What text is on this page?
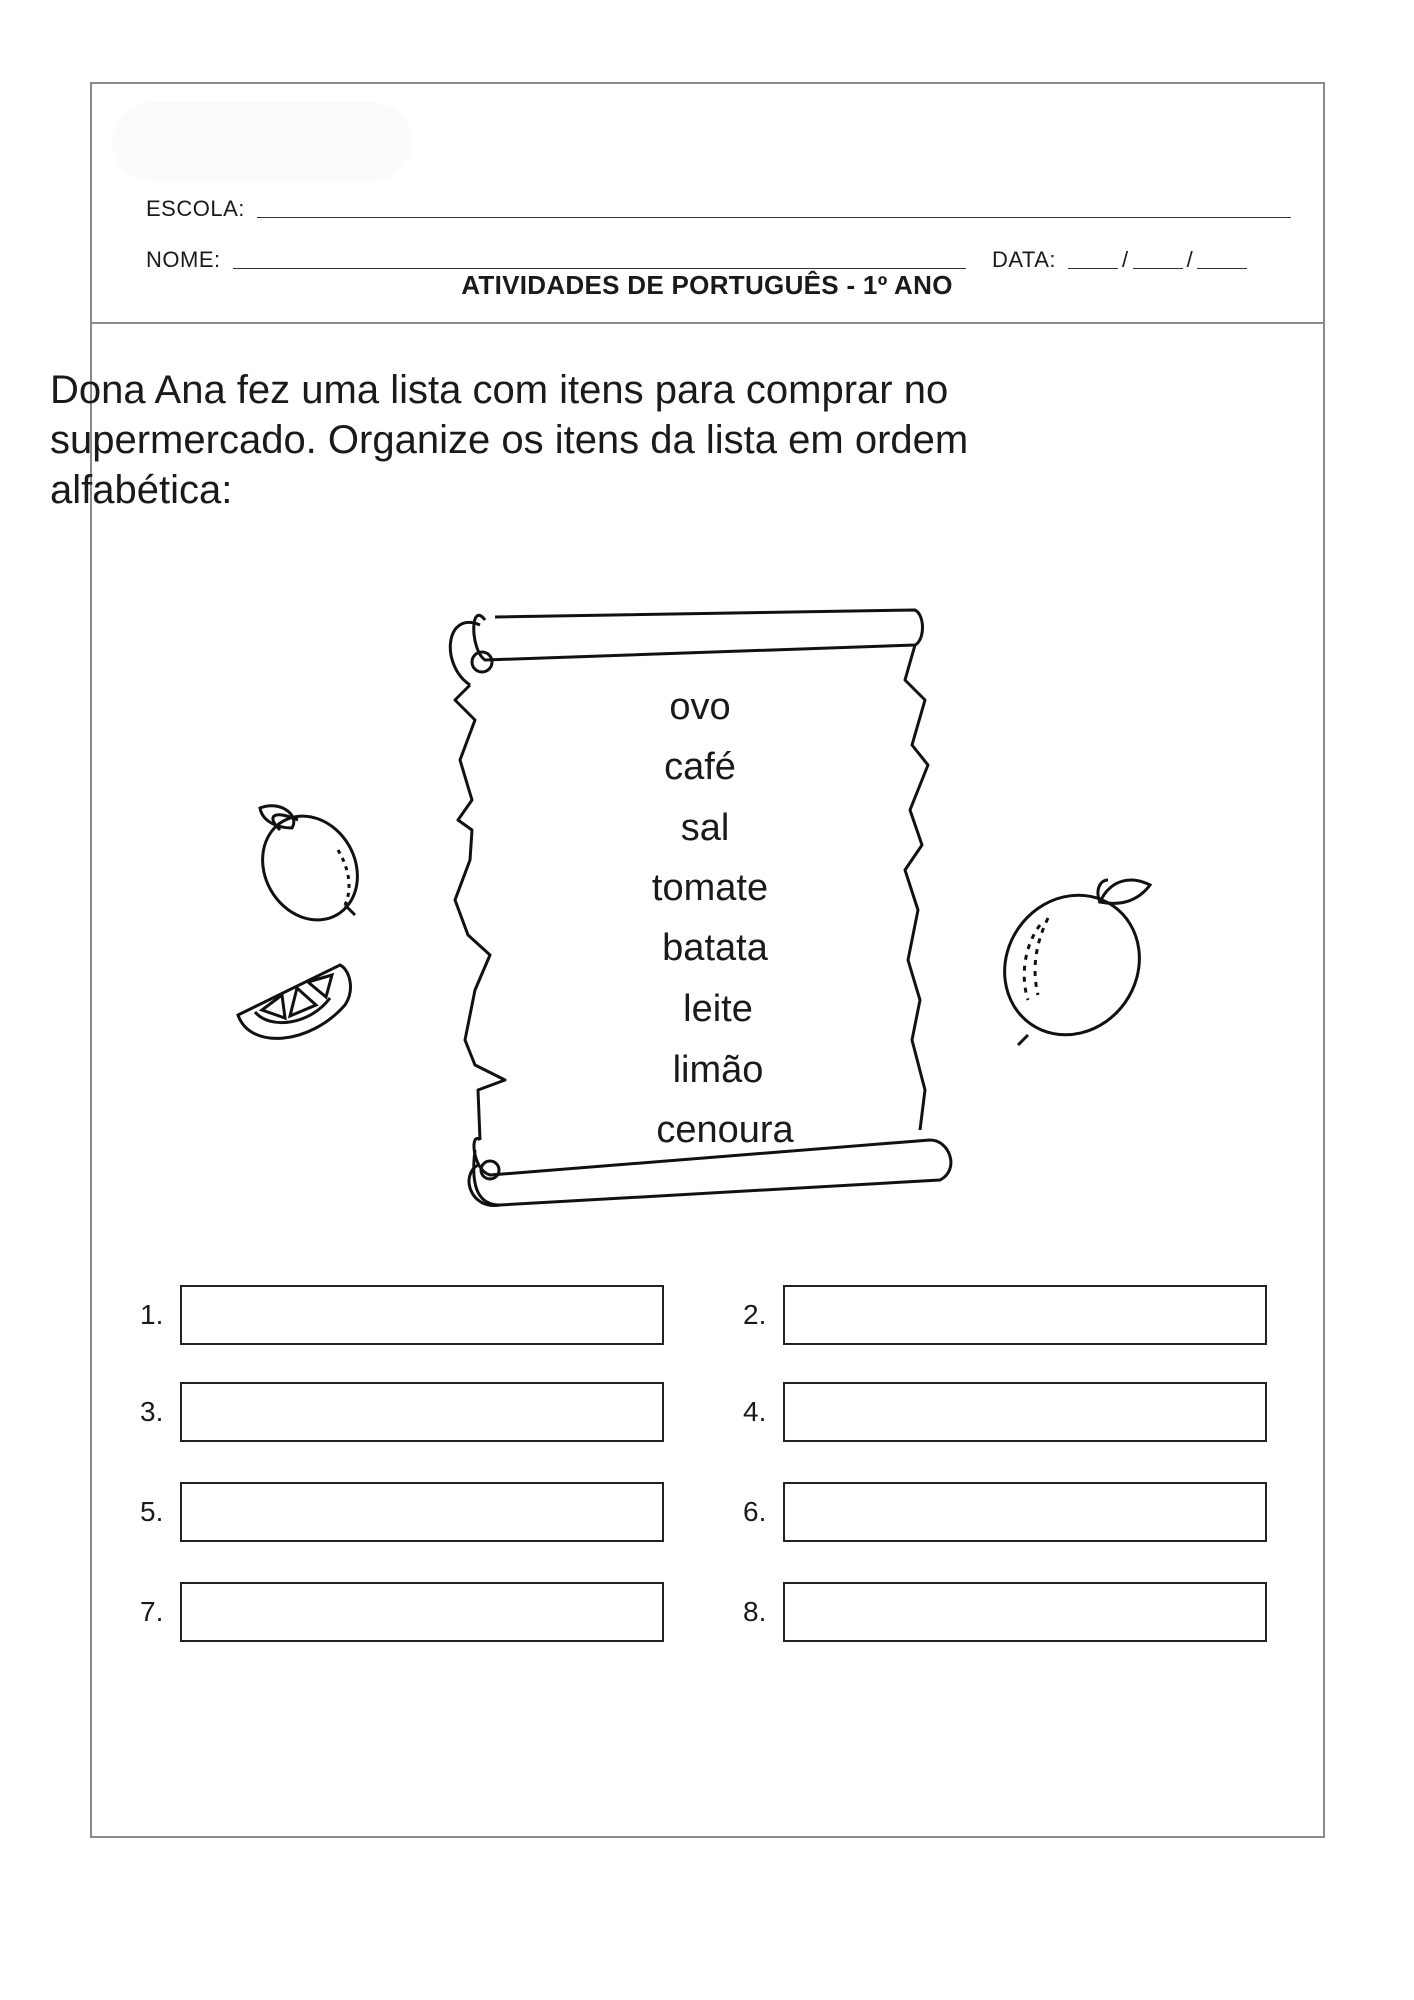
ESCOLA:
NOME:	DATA:	/	/
ATIVIDADES DE PORTUGUÊS - 1º ANO
Dona Ana fez uma lista com itens para comprar no supermercado. Organize os itens da lista em ordem alfabética:
ovo
café
sal
tomate
batata
leite
limão
cenoura
1.	2.
3.	4.
5.	6.
7.	8.
